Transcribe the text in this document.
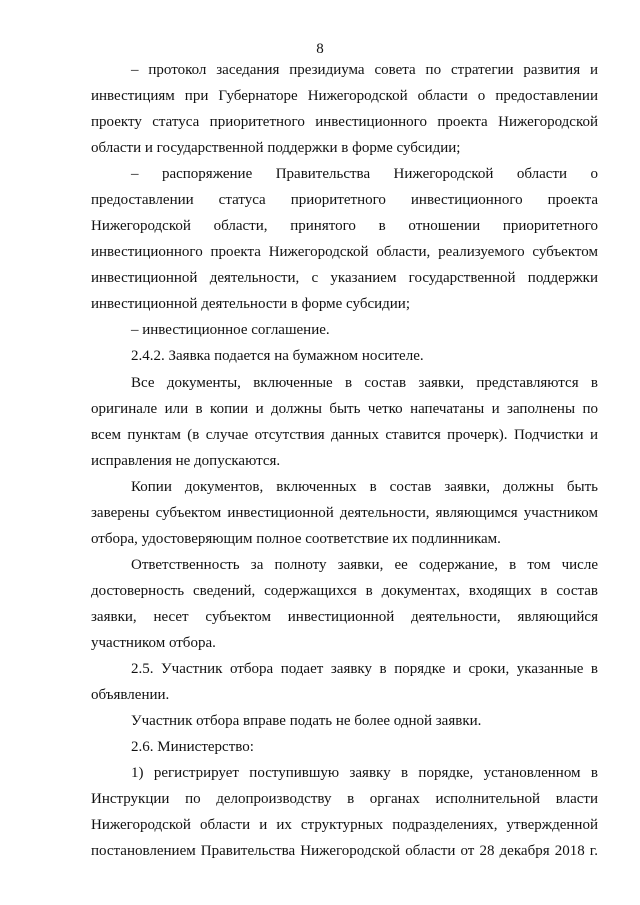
8
– протокол заседания президиума совета по стратегии развития и
инвестициям при Губернаторе Нижегородской области о предоставлении
проекту статуса приоритетного инвестиционного проекта Нижегородской
области и государственной поддержки в форме субсидии;
– распоряжение Правительства Нижегородской области о
предоставлении статуса приоритетного инвестиционного проекта
Нижегородской области, принятого в отношении приоритетного
инвестиционного проекта Нижегородской области, реализуемого субъектом
инвестиционной деятельности, с указанием государственной поддержки
инвестиционной деятельности в форме субсидии;
– инвестиционное соглашение.
2.4.2. Заявка подается на бумажном носителе.
Все документы, включенные в состав заявки, представляются в
оригинале или в копии и должны быть четко напечатаны и заполнены по
всем пунктам (в случае отсутствия данных ставится прочерк). Подчистки и
исправления не допускаются.
Копии документов, включенных в состав заявки, должны быть
заверены субъектом инвестиционной деятельности, являющимся участником
отбора, удостоверяющим полное соответствие их подлинникам.
Ответственность за полноту заявки, ее содержание, в том числе
достоверность сведений, содержащихся в документах, входящих в состав
заявки, несет субъектом инвестиционной деятельности, являющийся
участником отбора.
2.5. Участник отбора подает заявку в порядке и сроки, указанные в
объявлении.
Участник отбора вправе подать не более одной заявки.
2.6. Министерство:
1) регистрирует поступившую заявку в порядке, установленном в
Инструкции по делопроизводству в органах исполнительной власти
Нижегородской области и их структурных подразделениях, утвержденной
постановлением Правительства Нижегородской области от 28 декабря 2018 г.
